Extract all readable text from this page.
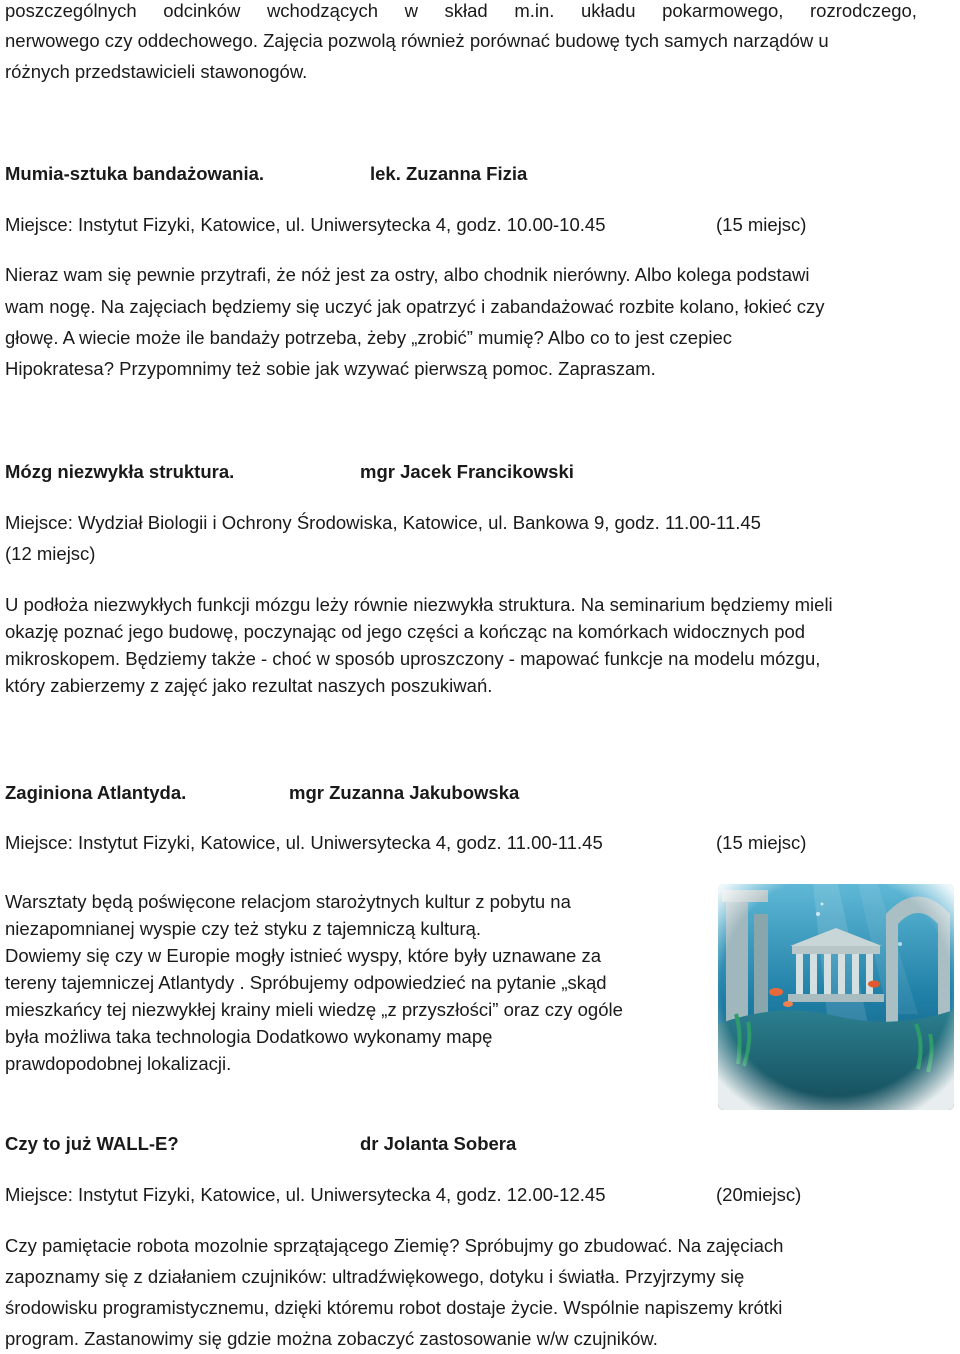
poszczególnych odcinków wchodzących w skład m.in. układu pokarmowego, rozrodczego,
nerwowego czy oddechowego. Zajęcia pozwolą również porównać budowę tych samych narządów u
różnych przedstawicieli stawonogów.
Mumia-sztuka bandażowania.	lek. Zuzanna Fizia
Miejsce: Instytut Fizyki, Katowice, ul. Uniwersytecka 4, godz. 10.00-10.45	(15 miejsc)
Nieraz wam się pewnie przytrafi, że nóż jest za ostry, albo chodnik nierówny. Albo kolega podstawi
wam nogę. Na zajęciach będziemy się uczyć jak opatrzyć i zabandażować rozbite kolano, łokieć czy
głowę. A wiecie może ile bandaży potrzeba, żeby „zrobić” mumię? Albo co to jest czepiec
Hipokratesa? Przypomnimy też sobie jak wzywać pierwszą pomoc. Zapraszam.
Mózg niezwykła struktura.	mgr Jacek Francikowski
Miejsce: Wydział Biologii i Ochrony Środowiska, Katowice, ul. Bankowa 9, godz. 11.00-11.45
(12 miejsc)
U podłoża niezwykłych funkcji mózgu leży równie niezwykła struktura. Na seminarium będziemy mieli
okazję poznać jego budowę, poczynając od jego części a kończąc na komórkach widocznych pod
mikroskopem. Będziemy także - choć w sposób uproszczony - mapować funkcje na modelu mózgu,
który zabierzemy z zajęć jako rezultat naszych poszukiwań.
Zaginiona Atlantyda.	mgr Zuzanna Jakubowska
Miejsce: Instytut Fizyki, Katowice, ul. Uniwersytecka 4, godz. 11.00-11.45	(15 miejsc)
Warsztaty będą poświęcone relacjom starożytnych kultur z pobytu na
niezapomnianej wyspie czy też styku z tajemniczą kulturą.
Dowiemy się czy w Europie mogły istnieć wyspy, które były uznawane za
tereny tajemniczej Atlantydy . Spróbujemy odpowiedzieć na pytanie „skąd
mieszkańcy tej niezwykłej krainy mieli wiedzę „z przyszłości” oraz czy ogóle
była możliwa taka technologia Dodatkowo wykonamy mapę
prawdopodobnej lokalizacji.
Czy to już WALL-E?	dr Jolanta Sobera
Miejsce: Instytut Fizyki, Katowice, ul. Uniwersytecka 4, godz. 12.00-12.45	(20miejsc)
Czy pamiętacie robota mozolnie sprzątającego Ziemię? Spróbujmy go zbudować. Na zajęciach
zapoznamy się z działaniem czujników: ultradźwiękowego, dotyku i światła. Przyjrzymy się
środowisku programistycznemu, dzięki któremu robot dostaje życie. Wspólnie napiszemy krótki
program. Zastanowimy się gdzie można zobaczyć zastosowanie w/w czujników.
